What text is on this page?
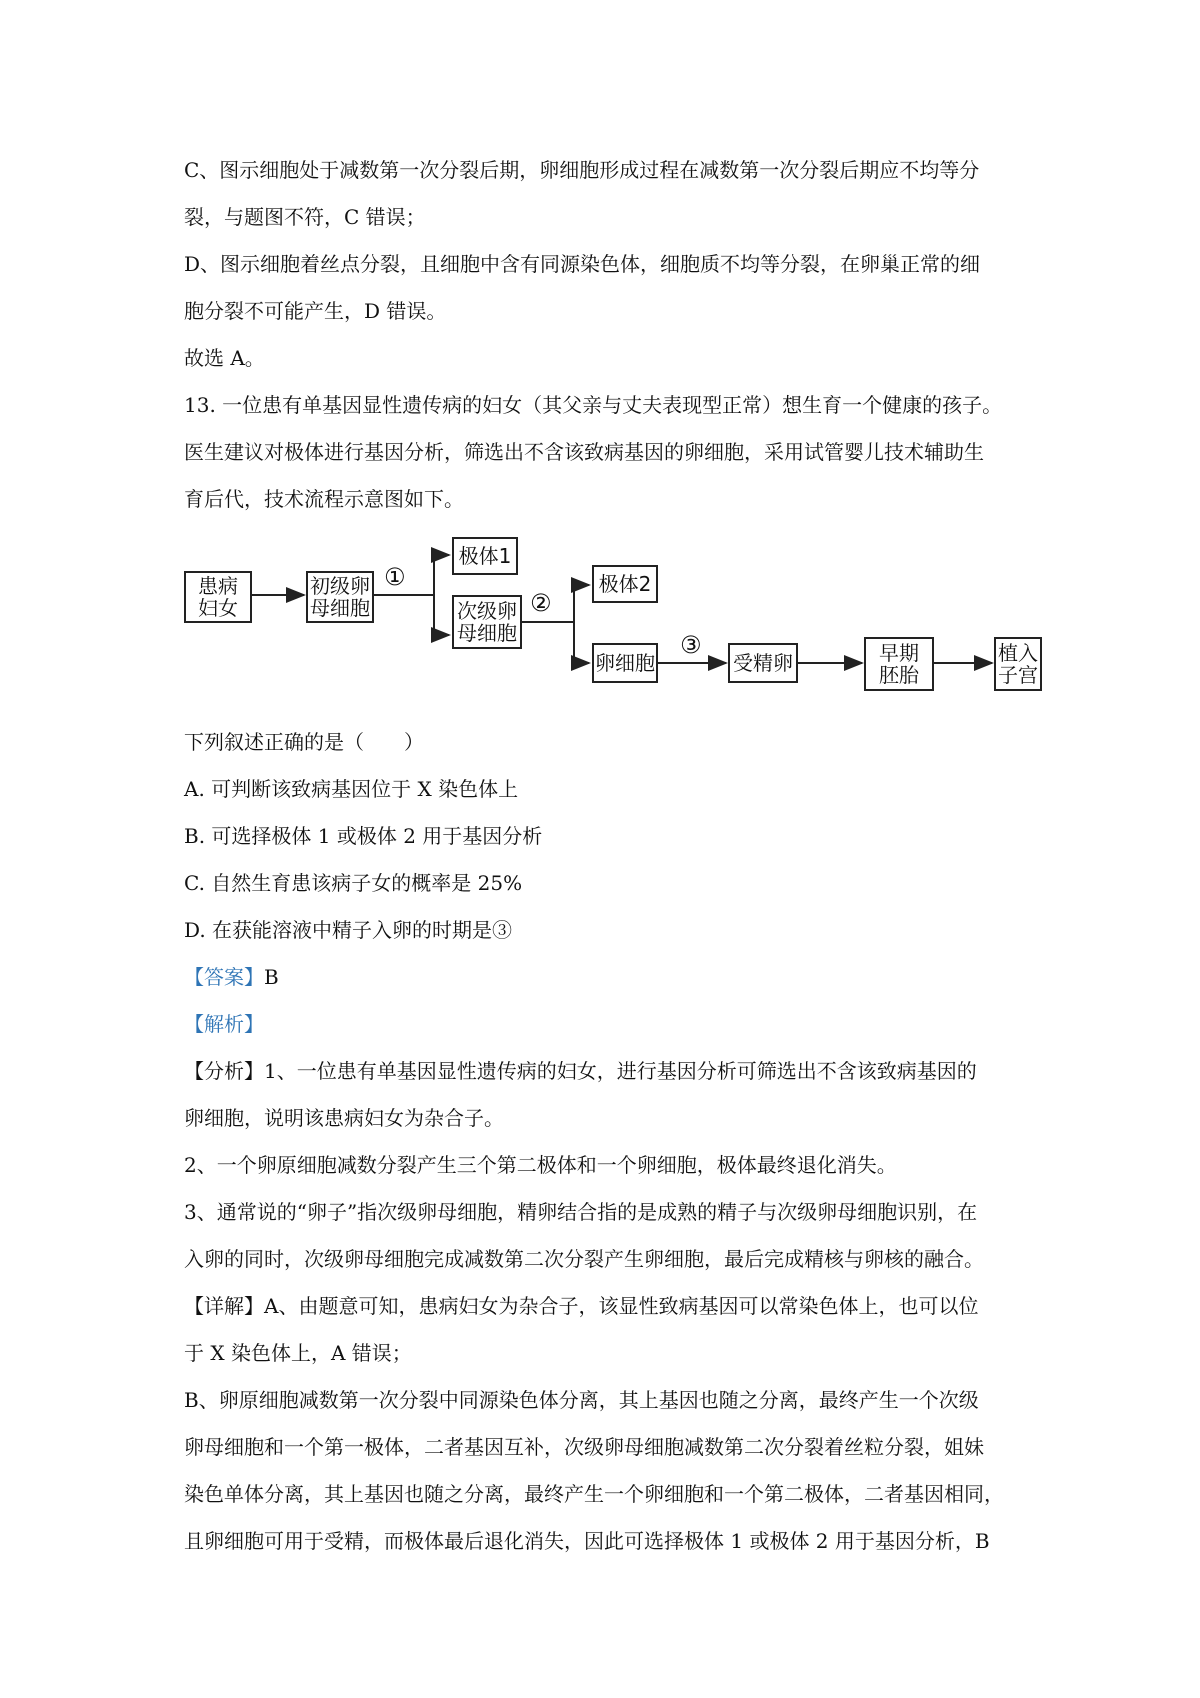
C、图示细胞处于减数第一次分裂后期，卵细胞形成过程在减数第一次分裂后期应不均等分
裂，与题图不符，C 错误；
D、图示细胞着丝点分裂，且细胞中含有同源染色体，细胞质不均等分裂，在卵巢正常的细
胞分裂不可能产生，D 错误。
故选 A。
13. 一位患有单基因显性遗传病的妇女（其父亲与丈夫表现型正常）想生育一个健康的孩子。
医生建议对极体进行基因分析，筛选出不含该致病基因的卵细胞，采用试管婴儿技术辅助生
育后代，技术流程示意图如下。
患病
妇女
初级卵
母细胞
①
极体1
次级卵
母细胞
②
极体2
卵细胞
③
受精卵	早期
胚胎
植入
子宫
下列叙述正确的是（　　）
A. 可判断该致病基因位于 X 染色体上
B. 可选择极体 1 或极体 2 用于基因分析
C. 自然生育患该病子女的概率是 25%
D. 在获能溶液中精子入卵的时期是③
【答案】B
【解析】
【分析】1、一位患有单基因显性遗传病的妇女，进行基因分析可筛选出不含该致病基因的
卵细胞，说明该患病妇女为杂合子。
2、一个卵原细胞减数分裂产生三个第二极体和一个卵细胞，极体最终退化消失。
3、通常说的“卵子”指次级卵母细胞，精卵结合指的是成熟的精子与次级卵母细胞识别，在
入卵的同时，次级卵母细胞完成减数第二次分裂产生卵细胞，最后完成精核与卵核的融合。
【详解】A、由题意可知，患病妇女为杂合子，该显性致病基因可以常染色体上，也可以位
于 X 染色体上，A 错误；
B、卵原细胞减数第一次分裂中同源染色体分离，其上基因也随之分离，最终产生一个次级
卵母细胞和一个第一极体，二者基因互补，次级卵母细胞减数第二次分裂着丝粒分裂，姐妹
染色单体分离，其上基因也随之分离，最终产生一个卵细胞和一个第二极体，二者基因相同，
且卵细胞可用于受精，而极体最后退化消失，因此可选择极体 1 或极体 2 用于基因分析，B
